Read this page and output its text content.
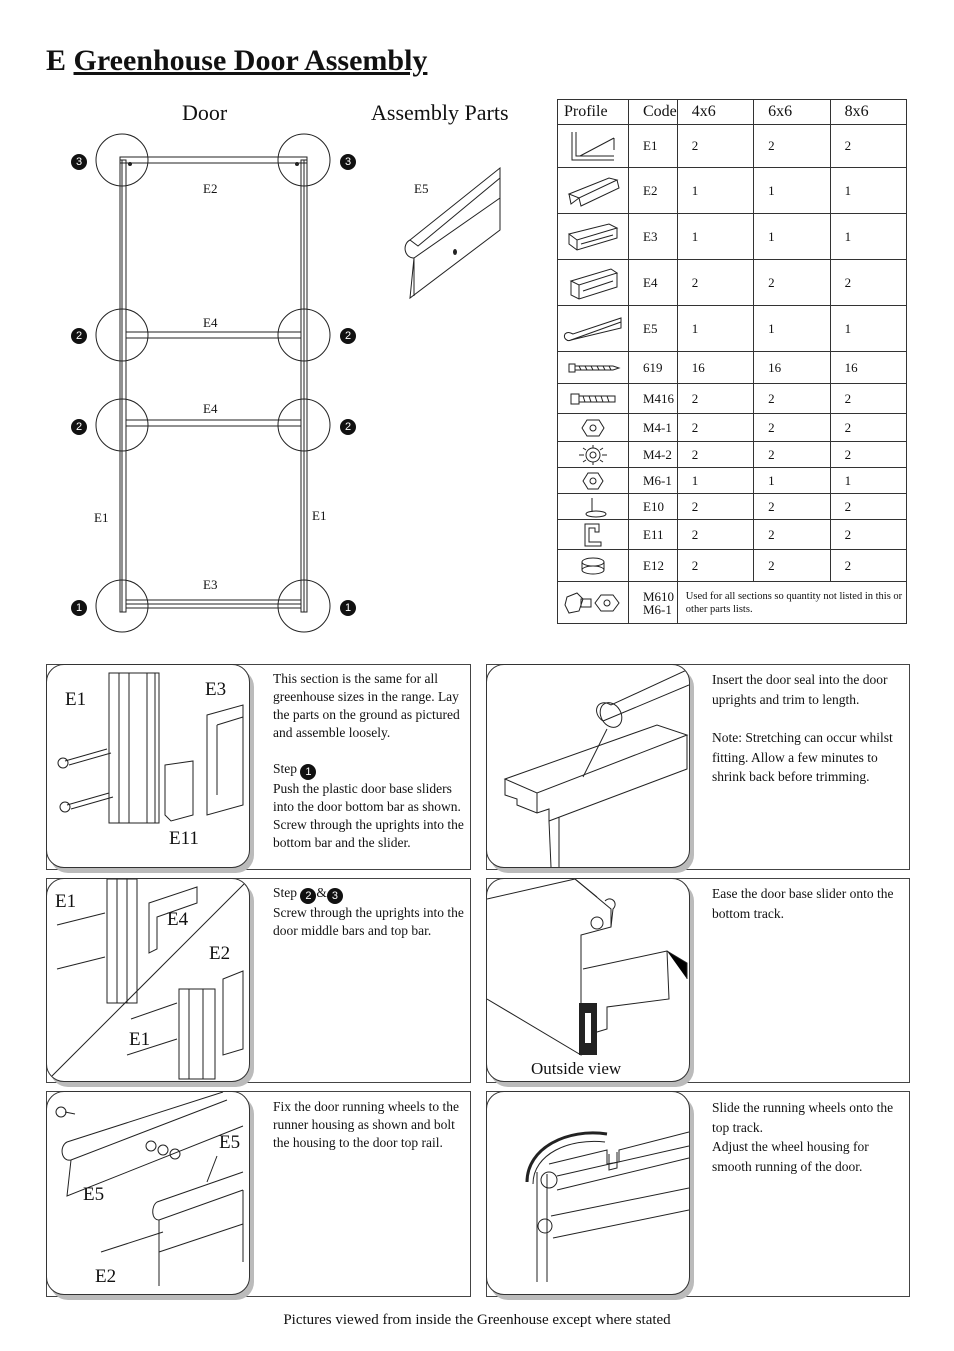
E Greenhouse Door Assembly
Door	Assembly Parts
E2
E4
E4
E1	E1
E3
3	3
2	2
2	2
1	1
E5
Profile	Code	4x6	6x6	8x6

	E1	2	2	2

	E2	1	1	1

	E3	1	1	1

	E4	2	2	2

	E5	1	1	1

	619	16	16	16

	M416	2	2	2

	M4-1	2	2	2

	M4-2	2	2	2

	M6-1	1	1	1

	E10	2	2	2

	E11	2	2	2

	E12	2	2	2

M610
M6-1	Used for all sections so quantity not listed in this or other parts lists.		
E1	E3
E11

This section is the same for all greenhouse sizes in the range. Lay the parts on the ground as pictured and assemble loosely.

Step 1

Push the plastic door base sliders into the door bottom bar as shown.

Screw through the uprights into the bottom bar and the slider.

E1
E4
E2
E1

Step 2 & 3

Screw through the uprights into the door middle bars and top bar.

E5
E5
E2
Fix the door running wheels to the runner housing as shown and bolt the housing to the door top rail.

Insert the door seal into the door uprights and trim to length.

Note: Stretching can occur whilst fitting. Allow a few minutes to shrink back before trimming.

Outside view
Ease the door base slider onto the bottom track.

Slide the running wheels onto the top track.

Adjust the wheel housing for smooth running of the door.

Pictures viewed from inside the Greenhouse except where stated
